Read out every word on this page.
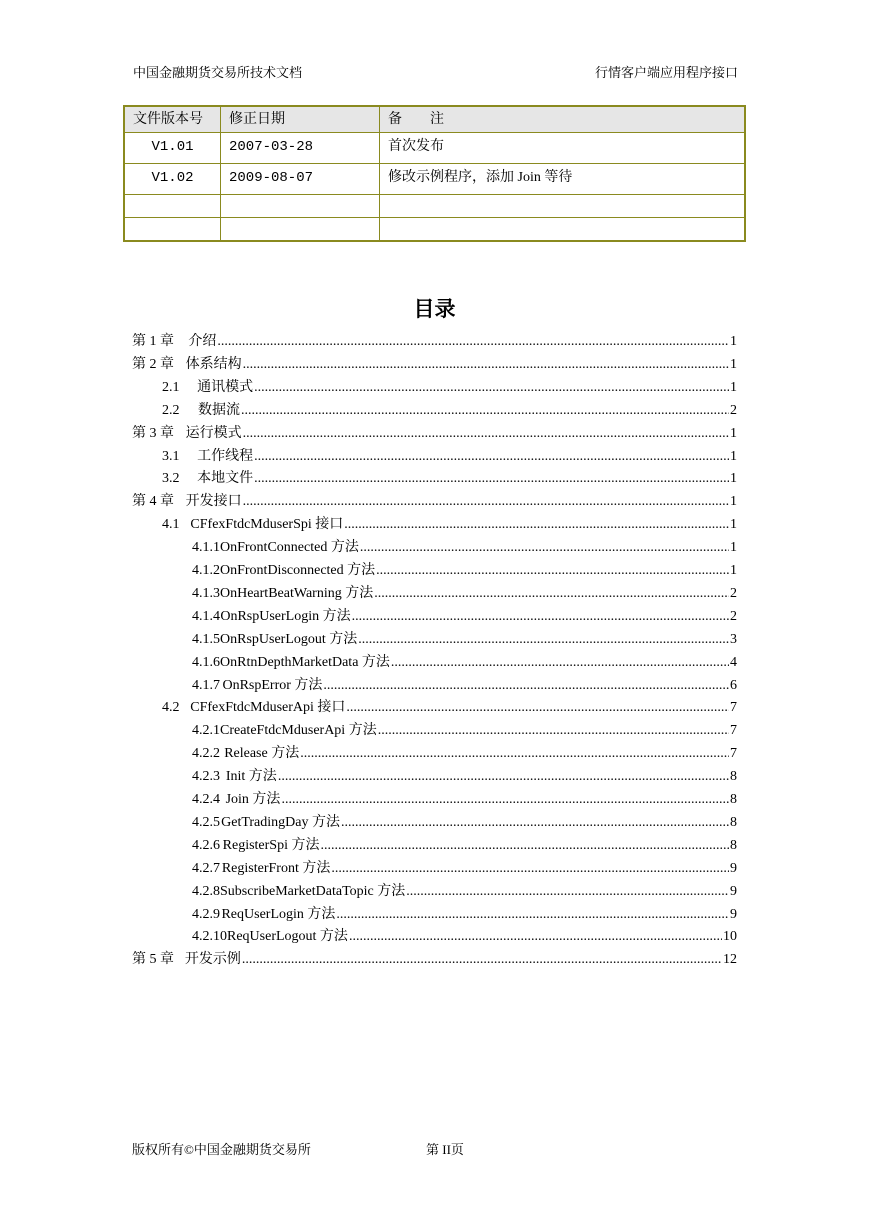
中国金融期货交易所技术文档	行情客户端应用程序接口
文件版本号	修正日期	备　　注
V1.01	2007-03-28	首次发布
V1.02	2009-08-07	修改示例程序，添加 Join 等待

目录
第 1 章	介绍 .....	1
第 2 章 体系结构 .....	1
2.1	通讯模式 .....	1
2.2	数据流 .....	2
第 3 章 运行模式 .....	1
3.1	工作线程 .....	1
3.2	本地文件 .....	1
第 4 章 开发接口 .....	1
4.1 CFfexFtdcMduserSpi 接口 .....	1
4.1.1 OnFrontConnected 方法 .....	1
4.1.2 OnFrontDisconnected 方法 .....	1
4.1.3 OnHeartBeatWarning 方法 .....	2
4.1.4 OnRspUserLogin 方法 .....	2
4.1.5 OnRspUserLogout 方法 .....	3
4.1.6 OnRtnDepthMarketData 方法 .....	4
4.1.7 OnRspError 方法 .....	6
4.2 CFfexFtdcMduserApi 接口 .....	7
4.2.1 CreateFtdcMduserApi 方法 .....	7
4.2.2 Release 方法 .....	7
4.2.3 Init 方法 .....	8
4.2.4 Join 方法 .....	8
4.2.5 GetTradingDay 方法 .....	8
4.2.6 RegisterSpi 方法 .....	8
4.2.7 RegisterFront 方法 .....	9
4.2.8 SubscribeMarketDataTopic 方法 .....	9
4.2.9 ReqUserLogin 方法 .....	9
4.2.10 ReqUserLogout 方法 .....	10
第 5 章 开发示例 .....	12
版权所有©中国金融期货交易所	第 II页
